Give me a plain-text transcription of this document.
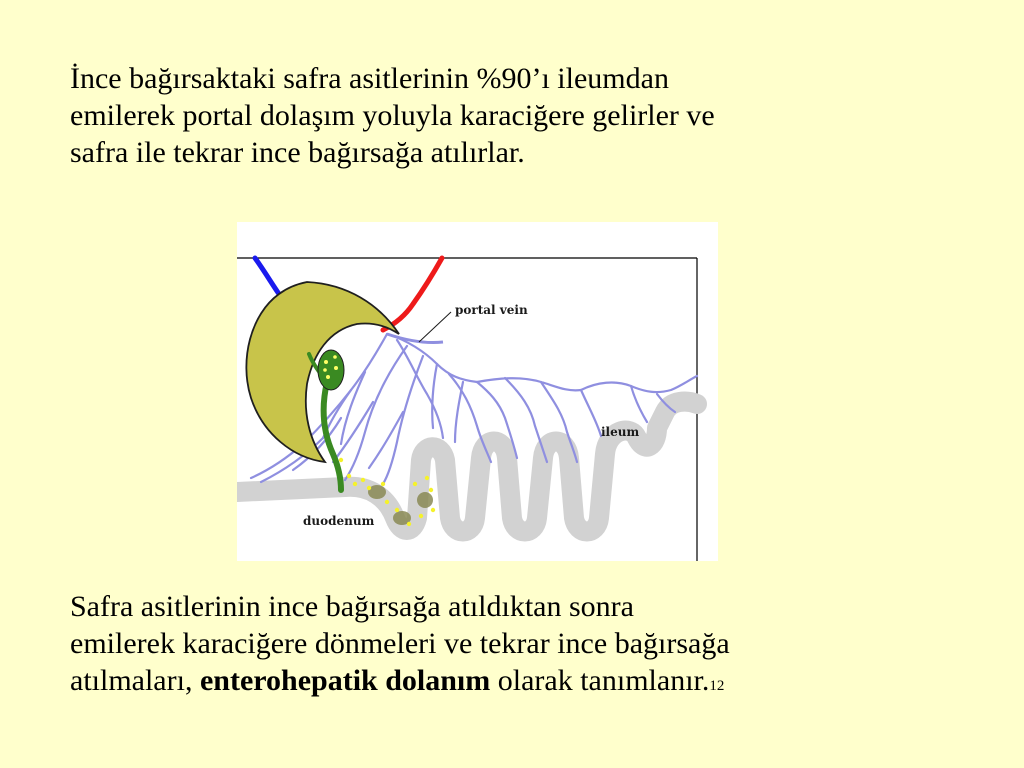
İnce bağırsaktaki safra asitlerinin %90’ı ileumdan
emilerek portal dolaşım yoluyla karaciğere gelirler ve
safra ile tekrar ince bağırsağa atılırlar.
portal vein
ileum
duodenum
Safra asitlerinin ince bağırsağa atıldıktan sonra
emilerek karaciğere dönmeleri ve tekrar ince bağırsağa
atılmaları, enterohepatik dolanım olarak tanımlanır.12
